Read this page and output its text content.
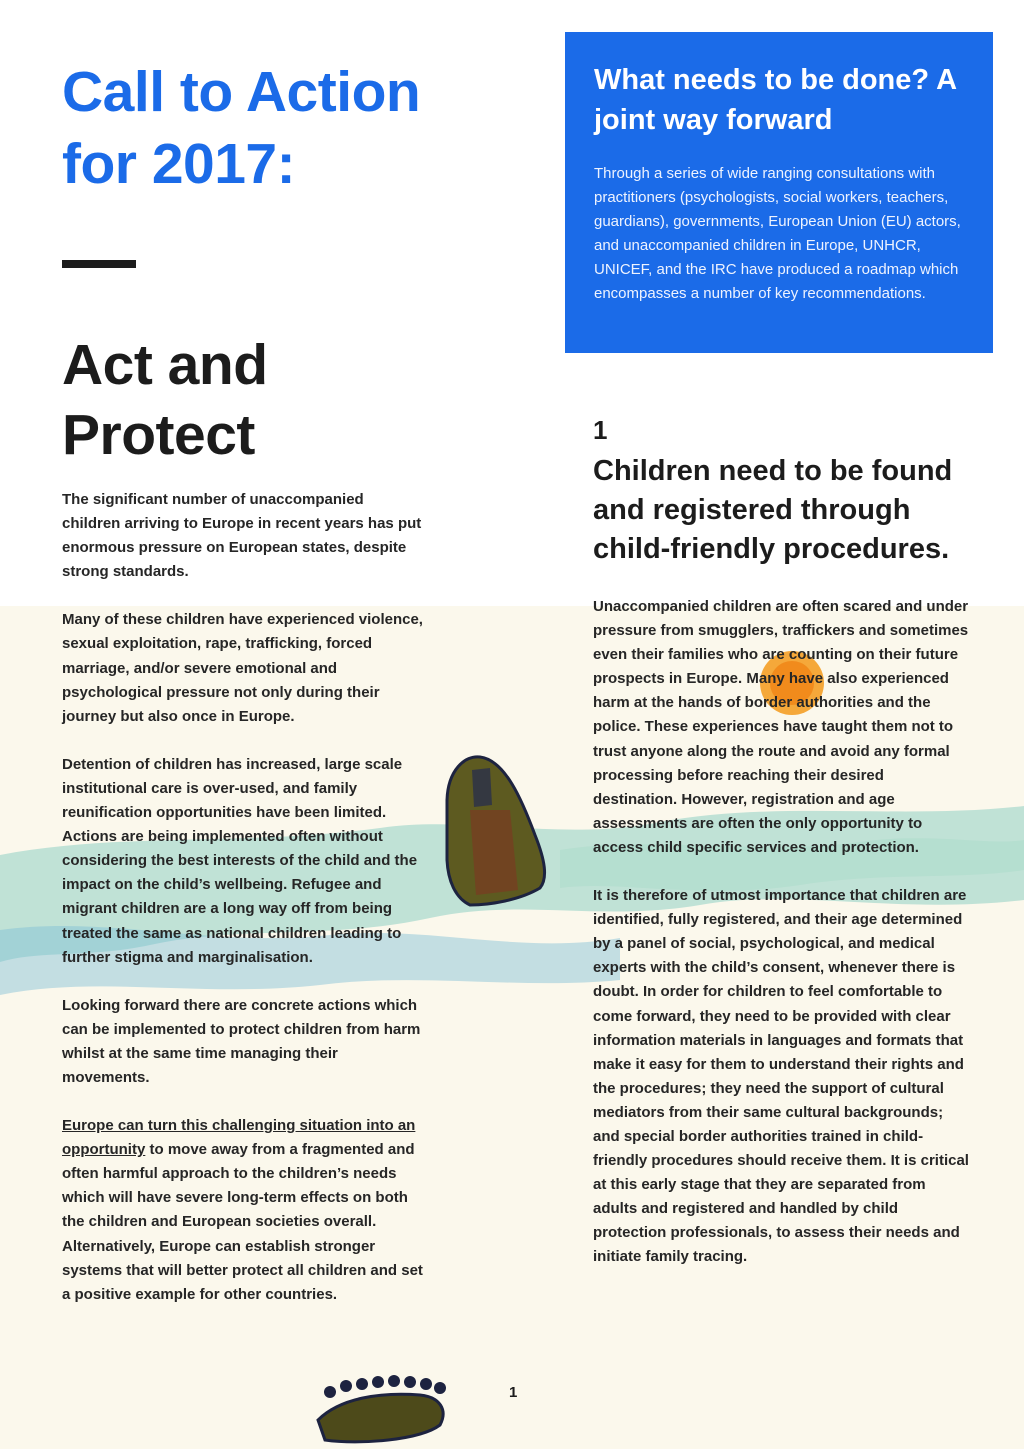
Call to Action for 2017:
Act and Protect

The significant number of unaccompanied children arriving to Europe in recent years has put enormous pressure on European states, despite strong standards.

Many of these children have experienced violence, sexual exploitation, rape, trafficking, forced marriage, and/or severe emotional and psychological pressure not only during their journey but also once in Europe.

Detention of children has increased, large scale institutional care is over-used, and family reunification opportunities have been limited. Actions are being implemented often without considering the best interests of the child and the impact on the child’s wellbeing. Refugee and migrant children are a long way off from being treated the same as national children leading to further stigma and marginalisation.

Looking forward there are concrete actions which can be implemented to protect children from harm whilst at the same time managing their movements.

Europe can turn this challenging situation into an opportunity to move away from a fragmented and often harmful approach to the children’s needs which will have severe long-term effects on both the children and European societies overall. Alternatively, Europe can establish stronger systems that will better protect all children and set a positive example for other countries.

What needs to be done? A joint way forward

Through a series of wide ranging consultations with practitioners (psychologists, social workers, teachers, guardians), governments, European Union (EU) actors, and unaccompanied children in Europe, UNHCR, UNICEF, and the IRC have produced a roadmap which encompasses a number of key recommendations.

1

Children need to be found and registered through child-friendly procedures.

Unaccompanied children are often scared and under pressure from smugglers, traffickers and sometimes even their families who are counting on their future prospects in Europe. Many have also experienced harm at the hands of border authorities and the police. These experiences have taught them not to trust anyone along the route and avoid any formal processing before reaching their desired destination. However, registration and age assessments are often the only opportunity to access child specific services and protection.

It is therefore of utmost importance that children are identified, fully registered, and their age determined by a panel of social, psychological, and medical experts with the child’s consent, whenever there is doubt. In order for children to feel comfortable to come forward, they need to be provided with clear information materials in languages and formats that make it easy for them to understand their rights and the procedures; they need the support of cultural mediators from their same cultural backgrounds; and special border authorities trained in child-friendly procedures should receive them. It is critical at this early stage that they are separated from adults and registered and handled by child protection professionals, to assess their needs and initiate family tracing.

1
